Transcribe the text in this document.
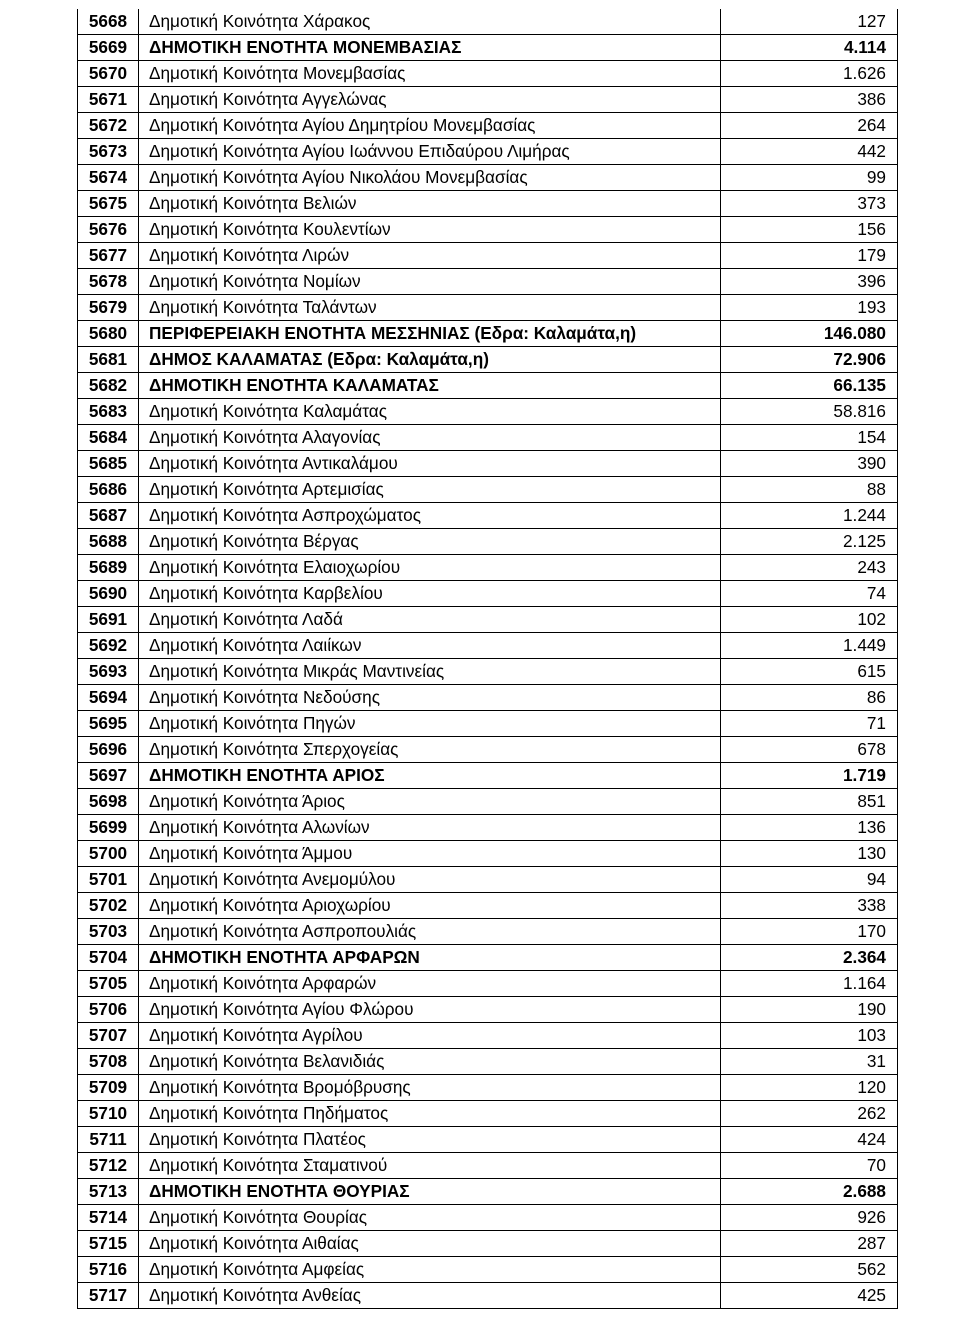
5668	Δημοτική Κοινότητα Χάρακος	127
5669	ΔΗΜΟΤΙΚΗ ΕΝΟΤΗΤΑ ΜΟΝΕΜΒΑΣΙΑΣ	4.114
5670	Δημοτική Κοινότητα Μονεμβασίας	1.626
5671	Δημοτική Κοινότητα Αγγελώνας	386
5672	Δημοτική Κοινότητα Αγίου Δημητρίου Μονεμβασίας	264
5673	Δημοτική Κοινότητα Αγίου Ιωάννου Επιδαύρου Λιμήρας	442
5674	Δημοτική Κοινότητα Αγίου Νικολάου Μονεμβασίας	99
5675	Δημοτική Κοινότητα Βελιών	373
5676	Δημοτική Κοινότητα Κουλεντίων	156
5677	Δημοτική Κοινότητα Λιρών	179
5678	Δημοτική Κοινότητα Νομίων	396
5679	Δημοτική Κοινότητα Ταλάντων	193
5680	ΠΕΡΙΦΕΡΕΙΑΚΗ ΕΝΟΤΗΤΑ ΜΕΣΣΗΝΙΑΣ (Εδρα: Καλαμάτα,η)	146.080
5681	ΔΗΜΟΣ ΚΑΛΑΜΑΤΑΣ (Εδρα: Καλαμάτα,η)	72.906
5682	ΔΗΜΟΤΙΚΗ ΕΝΟΤΗΤΑ ΚΑΛΑΜΑΤΑΣ	66.135
5683	Δημοτική Κοινότητα Καλαμάτας	58.816
5684	Δημοτική Κοινότητα Αλαγονίας	154
5685	Δημοτική Κοινότητα Αντικαλάμου	390
5686	Δημοτική Κοινότητα Αρτεμισίας	88
5687	Δημοτική Κοινότητα Ασπροχώματος	1.244
5688	Δημοτική Κοινότητα Βέργας	2.125
5689	Δημοτική Κοινότητα Ελαιοχωρίου	243
5690	Δημοτική Κοινότητα Καρβελίου	74
5691	Δημοτική Κοινότητα Λαδά	102
5692	Δημοτική Κοινότητα Λαιίκων	1.449
5693	Δημοτική Κοινότητα Μικράς Μαντινείας	615
5694	Δημοτική Κοινότητα Νεδούσης	86
5695	Δημοτική Κοινότητα Πηγών	71
5696	Δημοτική Κοινότητα Σπερχογείας	678
5697	ΔΗΜΟΤΙΚΗ ΕΝΟΤΗΤΑ ΑΡΙΟΣ	1.719
5698	Δημοτική Κοινότητα Άριος	851
5699	Δημοτική Κοινότητα Αλωνίων	136
5700	Δημοτική Κοινότητα Άμμου	130
5701	Δημοτική Κοινότητα Ανεμομύλου	94
5702	Δημοτική Κοινότητα Αριοχωρίου	338
5703	Δημοτική Κοινότητα Ασπροπουλιάς	170
5704	ΔΗΜΟΤΙΚΗ ΕΝΟΤΗΤΑ ΑΡΦΑΡΩΝ	2.364
5705	Δημοτική Κοινότητα Αρφαρών	1.164
5706	Δημοτική Κοινότητα Αγίου Φλώρου	190
5707	Δημοτική Κοινότητα Αγρίλου	103
5708	Δημοτική Κοινότητα Βελανιδιάς	31
5709	Δημοτική Κοινότητα Βρομόβρυσης	120
5710	Δημοτική Κοινότητα Πηδήματος	262
5711	Δημοτική Κοινότητα Πλατέος	424
5712	Δημοτική Κοινότητα Σταματινού	70
5713	ΔΗΜΟΤΙΚΗ ΕΝΟΤΗΤΑ ΘΟΥΡΙΑΣ	2.688
5714	Δημοτική Κοινότητα Θουρίας	926
5715	Δημοτική Κοινότητα Αιθαίας	287
5716	Δημοτική Κοινότητα Αμφείας	562
5717	Δημοτική Κοινότητα Ανθείας	425
